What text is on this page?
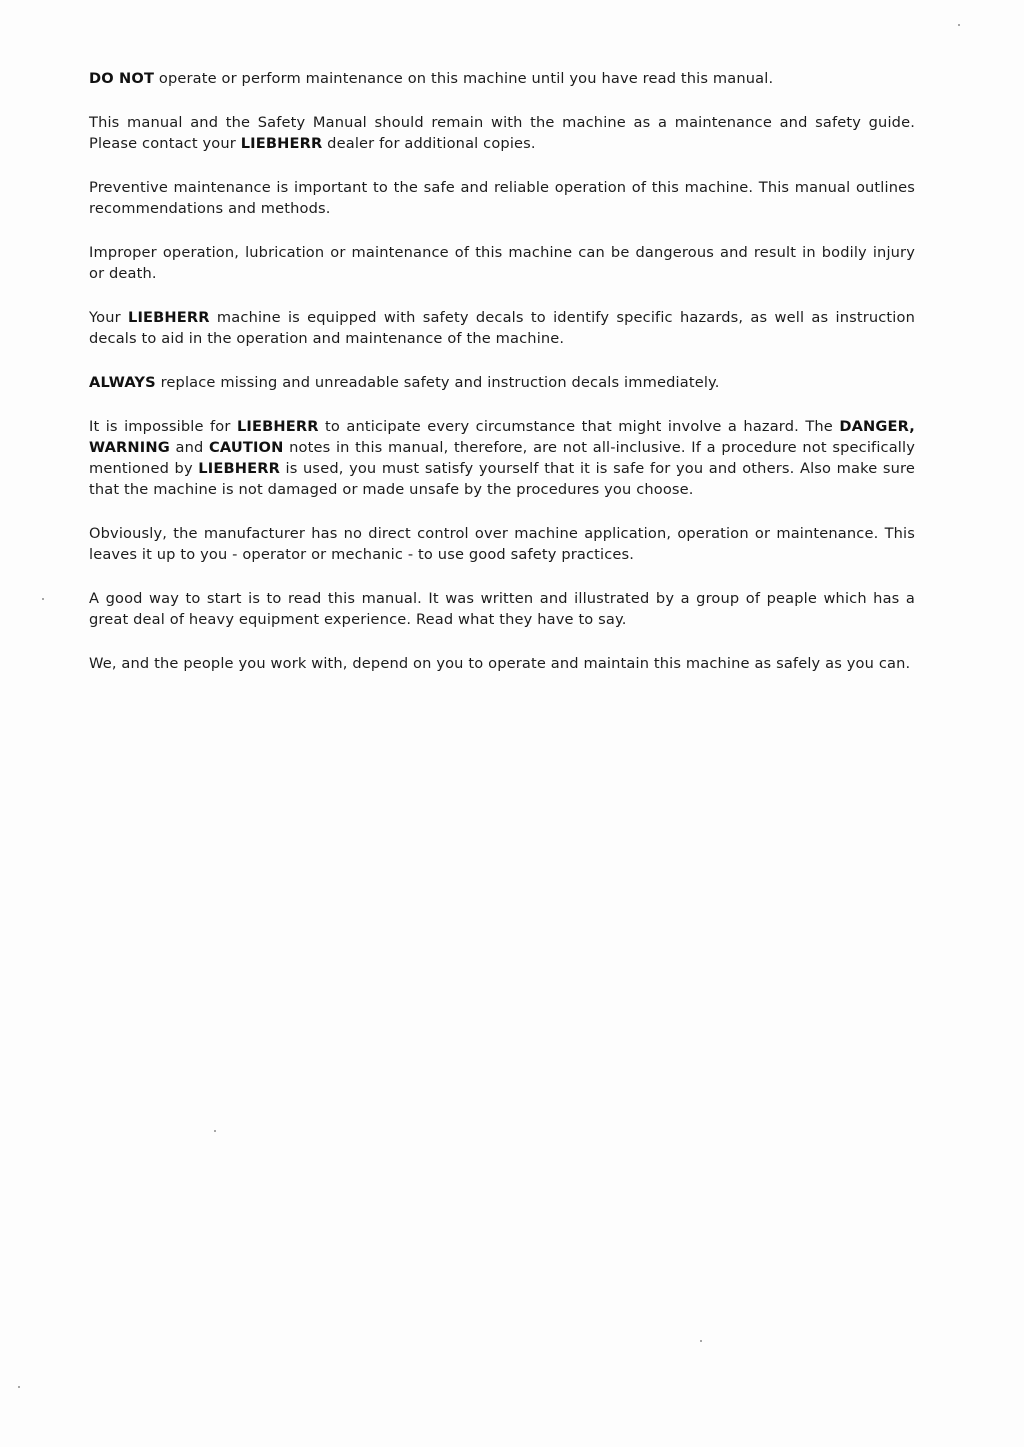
DO NOT operate or perform maintenance on this machine until you have read this manual.

This manual and the Safety Manual should remain with the machine as a maintenance and safety guide. Please contact your LIEBHERR dealer for additional copies.

Preventive maintenance is important to the safe and reliable operation of this machine. This manual outlines recommendations and methods.

Improper operation, lubrication or maintenance of this machine can be dangerous and result in bodily injury or death.

Your LIEBHERR machine is equipped with safety decals to identify specific hazards, as well as instruction decals to aid in the operation and maintenance of the machine.

ALWAYS replace missing and unreadable safety and instruction decals immediately.

It is impossible for LIEBHERR to anticipate every circumstance that might involve a hazard. The DANGER, WARNING and CAUTION notes in this manual, therefore, are not all-inclusive. If a procedure not specifically mentioned by LIEBHERR is used, you must satisfy yourself that it is safe for you and others. Also make sure that the machine is not damaged or made unsafe by the procedures you choose.

Obviously, the manufacturer has no direct control over machine application, operation or maintenance. This leaves it up to you - operator or mechanic - to use good safety practices.

A good way to start is to read this manual. It was written and illustrated by a group of peaple which has a great deal of heavy equipment experience. Read what they have to say.

We, and the people you work with, depend on you to operate and maintain this machine as safely as you can.
